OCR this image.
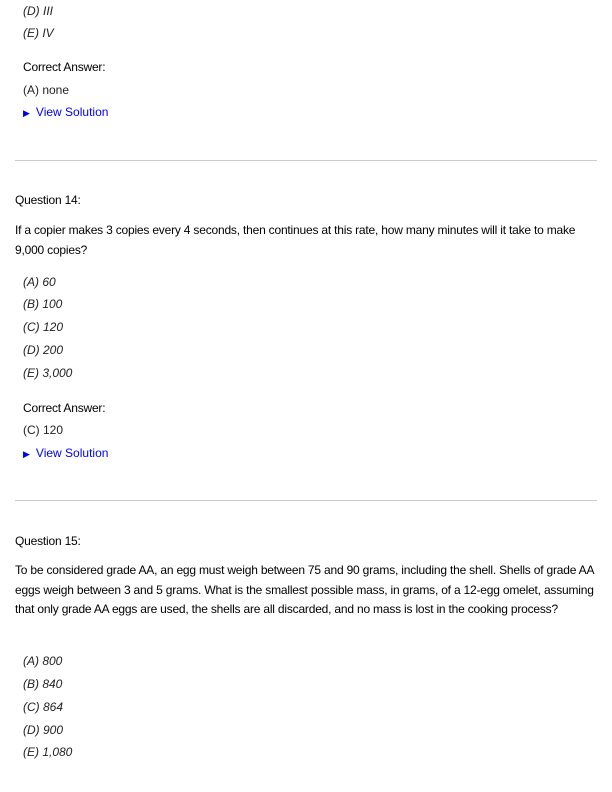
(D) III
(E) IV
Correct Answer:
(A) none
▶ View Solution
Question 14:
If a copier makes 3 copies every 4 seconds, then continues at this rate, how many minutes will it take to make 9,000 copies?
(A) 60
(B) 100
(C) 120
(D) 200
(E) 3,000
Correct Answer:
(C) 120
▶ View Solution
Question 15:
To be considered grade AA, an egg must weigh between 75 and 90 grams, including the shell. Shells of grade AA eggs weigh between 3 and 5 grams. What is the smallest possible mass, in grams, of a 12-egg omelet, assuming that only grade AA eggs are used, the shells are all discarded, and no mass is lost in the cooking process?
(A) 800
(B) 840
(C) 864
(D) 900
(E) 1,080
